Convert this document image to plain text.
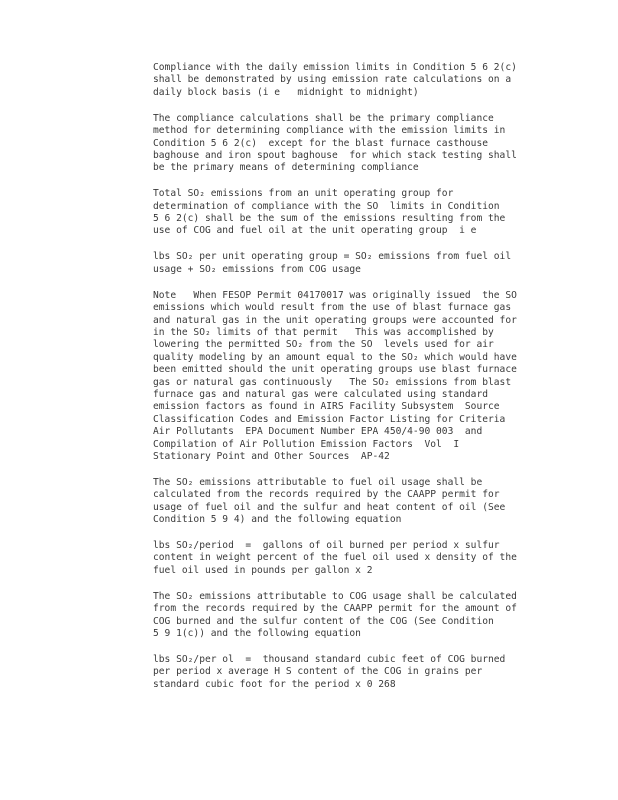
Compliance with the daily emission limits in Condition 5 6 2(c)
shall be demonstrated by using emission rate calculations on a
daily block basis (i e   midnight to midnight)

The compliance calculations shall be the primary compliance
method for determining compliance with the emission limits in
Condition 5 6 2(c)  except for the blast furnace casthouse
baghouse and iron spout baghouse  for which stack testing shall
be the primary means of determining compliance

Total SO₂ emissions from an unit operating group for
determination of compliance with the SO  limits in Condition
5 6 2(c) shall be the sum of the emissions resulting from the
use of COG and fuel oil at the unit operating group  i e

lbs SO₂ per unit operating group = SO₂ emissions from fuel oil
usage + SO₂ emissions from COG usage

Note   When FESOP Permit 04170017 was originally issued  the SO
emissions which would result from the use of blast furnace gas
and natural gas in the unit operating groups were accounted for
in the SO₂ limits of that permit   This was accomplished by
lowering the permitted SO₂ from the SO  levels used for air
quality modeling by an amount equal to the SO₂ which would have
been emitted should the unit operating groups use blast furnace
gas or natural gas continuously   The SO₂ emissions from blast
furnace gas and natural gas were calculated using standard
emission factors as found in AIRS Facility Subsystem  Source
Classification Codes and Emission Factor Listing for Criteria
Air Pollutants  EPA Document Number EPA 450/4-90 003  and
Compilation of Air Pollution Emission Factors  Vol  I
Stationary Point and Other Sources  AP-42

The SO₂ emissions attributable to fuel oil usage shall be
calculated from the records required by the CAAPP permit for
usage of fuel oil and the sulfur and heat content of oil (See
Condition 5 9 4) and the following equation

lbs SO₂/period  =  gallons of oil burned per period x sulfur
content in weight percent of the fuel oil used x density of the
fuel oil used in pounds per gallon x 2

The SO₂ emissions attributable to COG usage shall be calculated
from the records required by the CAAPP permit for the amount of
COG burned and the sulfur content of the COG (See Condition
5 9 1(c)) and the following equation

lbs SO₂/per ol  =  thousand standard cubic feet of COG burned
per period x average H S content of the COG in grains per
standard cubic foot for the period x 0 268
